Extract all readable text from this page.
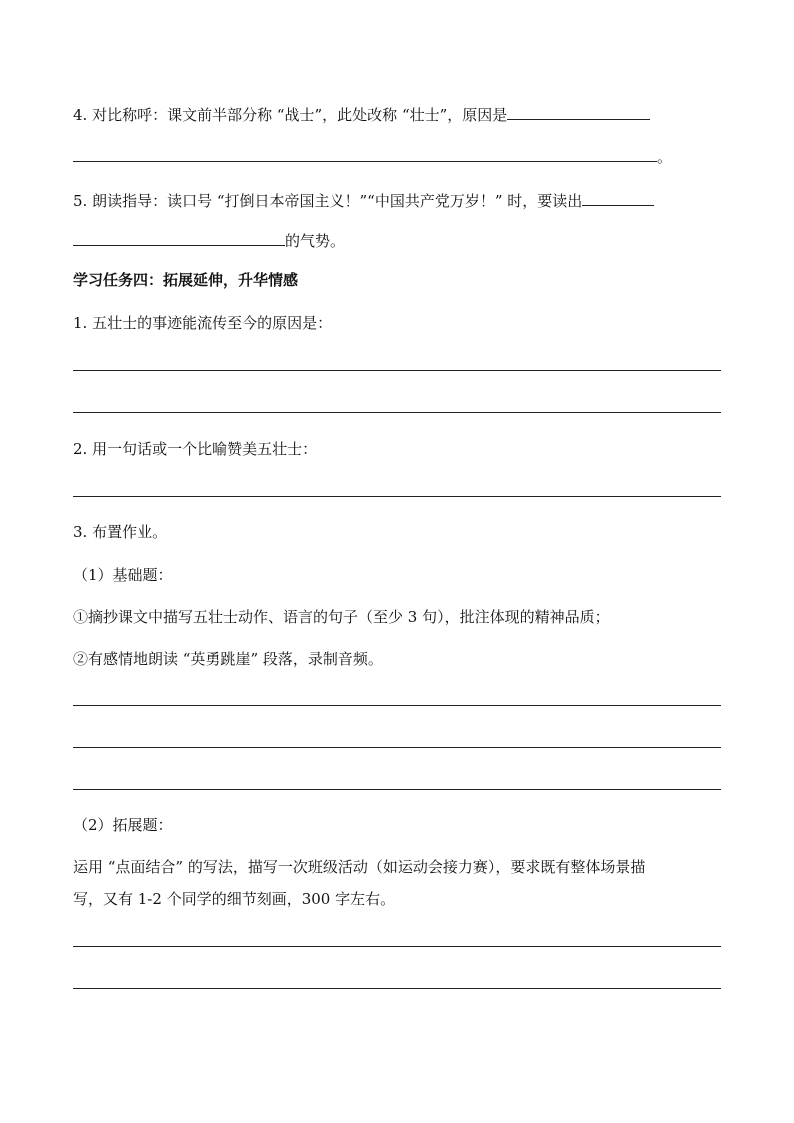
4. 对比称呼：课文前半部分称 “战士”，此处改称 “壮士”，原因是
。
5. 朗读指导：读口号 “打倒日本帝国主义！”“中国共产党万岁！” 时，要读出
的气势。
学习任务四：拓展延伸，升华情感
1. 五壮士的事迹能流传至今的原因是：
2. 用一句话或一个比喻赞美五壮士：
3. 布置作业。
（1）基础题：
①摘抄课文中描写五壮士动作、语言的句子（至少 3 句），批注体现的精神品质；
②有感情地朗读 “英勇跳崖” 段落，录制音频。
（2）拓展题：
运用 “点面结合” 的写法，描写一次班级活动（如运动会接力赛），要求既有整体场景描
写，又有 1-2 个同学的细节刻画，300 字左右。
